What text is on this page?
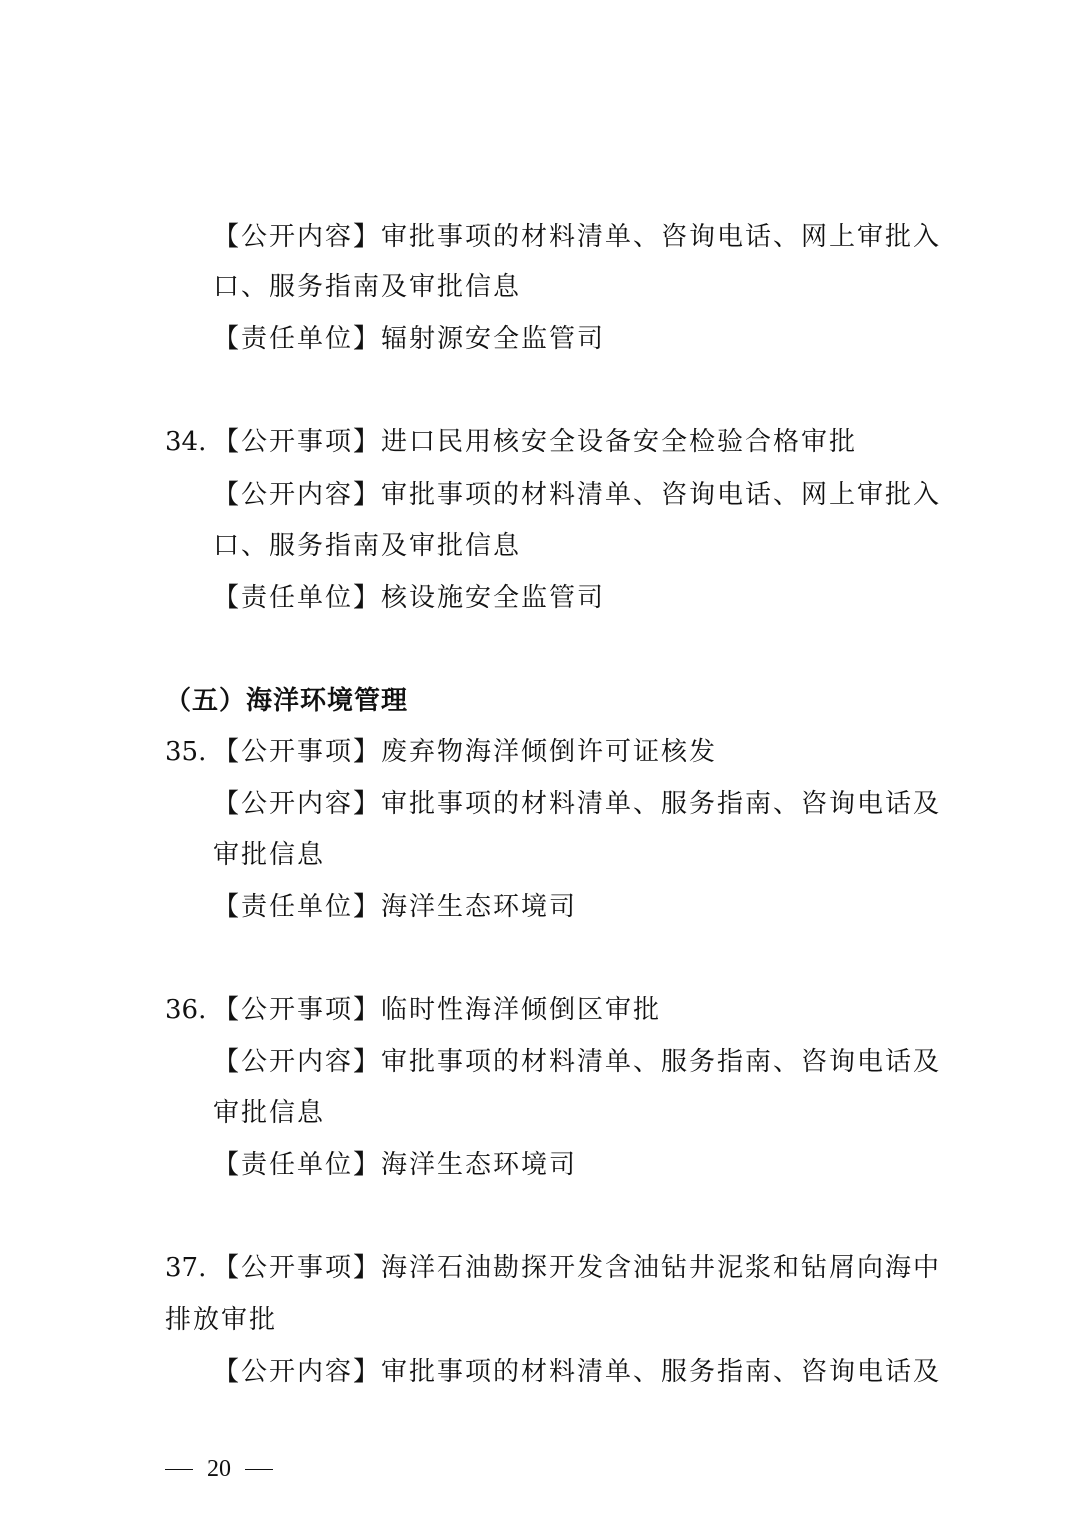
【公开内容】审批事项的材料清单、咨询电话、网上审批入
口、服务指南及审批信息
【责任单位】辐射源安全监管司
34. 【公开事项】进口民用核安全设备安全检验合格审批
【公开内容】审批事项的材料清单、咨询电话、网上审批入
口、服务指南及审批信息
【责任单位】核设施安全监管司
（五）海洋环境管理
35. 【公开事项】废弃物海洋倾倒许可证核发
【公开内容】审批事项的材料清单、服务指南、咨询电话及
审批信息
【责任单位】海洋生态环境司
36. 【公开事项】临时性海洋倾倒区审批
【公开内容】审批事项的材料清单、服务指南、咨询电话及
审批信息
【责任单位】海洋生态环境司
37. 【公开事项】海洋石油勘探开发含油钻井泥浆和钻屑向海中
排放审批
【公开内容】审批事项的材料清单、服务指南、咨询电话及
20
